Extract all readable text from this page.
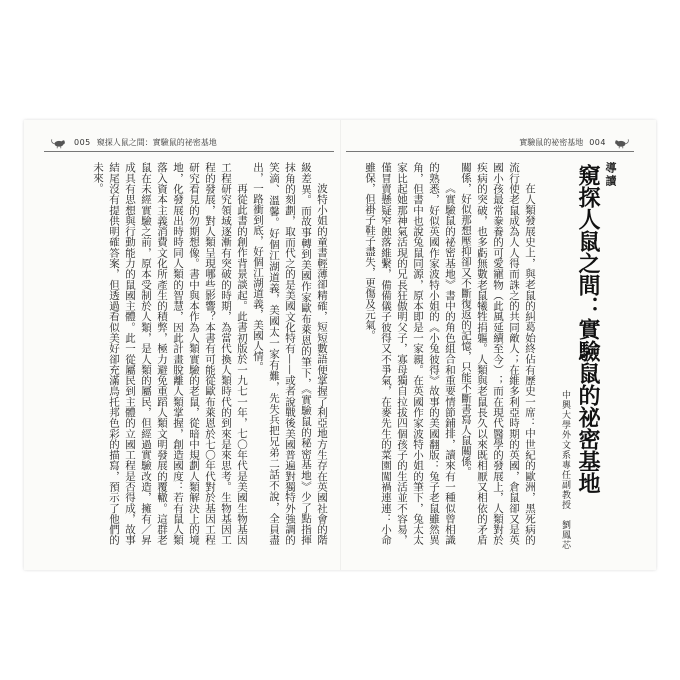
005 窺探人鼠之間：實驗鼠的祕密基地	實驗鼠的祕密基地 004

波特小姐的童書輕薄卻精確，短短數語便掌握了利亞地方生存在英國社會的階級差異。而故事轉到美國作家歐布萊恩的筆下，《實驗鼠的秘密基地》少了點指揮抹角的刻劃，取而代之的是美國文化特有——或者說戰後美國普遍對獨特外強調的笑滴、溫馨。好個江湖道義，美國太一家有難，先失兵把兄弟二話不說，全員盡出，一路衝到底，好個江湖道義，美國人情。

再從此書的創作背景談起。此書初版於一九七一年，七〇年代是美國生物基因工程研究領域逐漸有突破的時期，為當代換人類時代的到來是來思考。生物基因工程的發展，對人類呈現哪些影響？本書有可能從歐布萊恩於七〇年代對於基因工程研究看見的勿期想像。書中與本作為人類實驗的老鼠，從暗中規劃人類解決上的境地，化發展出時時同人類的智慧，因此計畫脫離人類掌握，創造國度：若有鼠人類落入資本主義消費文化所產生的積弊，極力避免重蹈人類文明發展的覆轍。這群老鼠在未經實驗之前，原本受制於人類，是人類的屬民，但經過實驗改造，擁有／昇成具有思想與行動能力的鼠國主體。此一從屬民到主體的立國工程是否得成，故事結尾沒有提供明確答案，但透過看似美好卻充滿鳥托邦色彩的描寫，預示了他們的未來。

在人類發展史上，與老鼠的糾葛始終佔有歷史一席：中世紀的歐洲，黑死病的流行使老鼠成為人人得而誅之的共同敵人；在維多利亞時期的英國，倉鼠卻又是英國小孩最常豢養的可愛寵物（此風延續至今）；而在現代醫學的發展上，人類對於疾病的突破，也多虧無數老鼠犧牲捐軀。人類與老鼠長久以來既相厭又相依的矛盾關係，好似那想壓抑卻又不斷復返的記憶，只能不斷書寫人鼠關係。

《實驗鼠的祕密基地》書中的角色組合和重要情節鋪排，讀來有一種似曾相識的熟悉，好似英國作家波特小姐的《小兔彼得》故事的美國翻版：兔子老鼠雖然異角，但書中也說兔鼠同源，原本即是一家親。在英國作家波特小姐的筆下，兔太太家比起她那神氣活現的兄長狂傲明父子，寡母獨自拉拔四個孩子的生活並不容易，僅冒賣懸疑窄蝕落維繫，備備儀子彼得又不爭氣，在麥先生的菜園闖禍連連：小命雖保，但褂子鞋子盡失，更傷及元氣。	導讀
窺探人鼠之間：實驗鼠的祕密基地
中興大學外文系專任副教授　劉鳳芯
